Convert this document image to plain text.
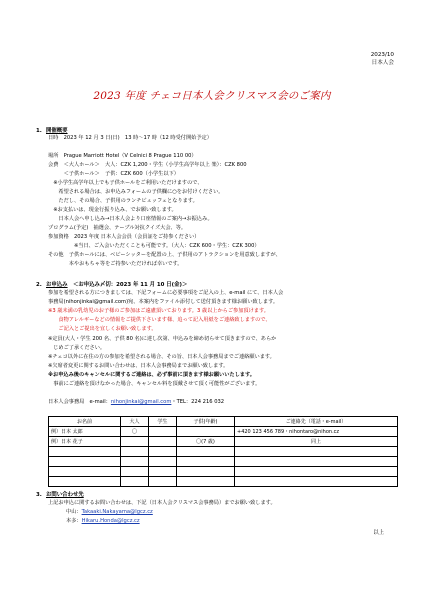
2023/10
日本人会
2023 年度 チェコ日本人会クリスマス会のご案内
1. 開催概要
日時　2023 年 12 月 3 日(日)　13 時～17 時（12 時受付開始予定）
場所　Prague Marriott Hotel（V Celnici 8 Prague 110 00）
会費　＜大人ホール＞　大人：CZK 1,200・学生（小学生高学年以上 楽）：CZK 800
　　　＜子供ホール＞　子供：CZK 600（小学生以下）
　※小学生高学年以上でも子供ホールをご利用いただけますので、
　　希望される場合は、お申込みフォームの子供欄に○をお付けください。
　　ただし、その場合、子供用のランチビュッフェとなります。
　※お支払いは、現金行振り込み、でお願い致します。
　　日本人会へ申し込み→日本人会より口座情報のご案内→お振込み。
プログラム(予定)　抽選会、テーブル対抗クイズ大会、等。
参加資格　2023 年度 日本人会会員（会員証をご持参ください）
　　　　　※当日、ご入会いただくことも可能です。（大人：CZK 600・学生：CZK 300）
その他　子供ホールには、ベビーシッターを配置の上、子供用のアトラクションを用意致しますが、
　　　　本やおもちゃ等をご持参いただければ幸いです。
2. お申込み　 ＜お申込み〆切：2023 年 11 月 10 日(金)＞
参加を希望される方につきましては、下記フォームに必要事項をご記入の上、e-mail にて、日本人会
事務局(nihonjinkai@gmail.com)宛、本案内をファイル添付して送付頂きます様お願い致します。
※3 歳未満の乳幼児のお子様のご参加はご遠慮頂いております。3 歳以上からご参加頂けます。
　　食物アレルギーなどの情報をご提供下さいます様、追って記入用紙をご連絡致しますので、
　　ご記入とご提出を宜しくお願い致します。
※定員(大人・学生 200 名、子供 80 名)に達し次第、申込みを締め切らせて頂きますので、あらか
　じめご了承ください。
※チェコ以外に在住の方の参加を希望される場合、その旨、日本人会事務局までご連絡願います。
※欠席者変更に関するお問い合わせは、日本人会事務局までお願い致します。
※お申込み後のキャンセルに関するご連絡は、必ず事前に頂きます様お願いいたします。
　事前にご連絡を頂けなかった場合、キャンセル料を頂戴させて頂く可能性がございます。
日本人会事務局　e-mail：nihonjinkai@gmail.com・TEL：224 216 032
お名前	大人	学生	子供(年齢)	ご連絡先（電話・e-mail）
例）日本 太郎	〇			+420 123 456 789・nihontaro@nihon.cz
例）日本 花子			〇(7 歳)	同上

3. お問い合わせ先
上記お申込に関するお問い合わせは、下記（日本人会クリスマス会事務局）までお願い致します。
中山：Takaaki.Nakayama@lgcz.cz
本多：Hikaru.Honda@lgcz.cz
以上
